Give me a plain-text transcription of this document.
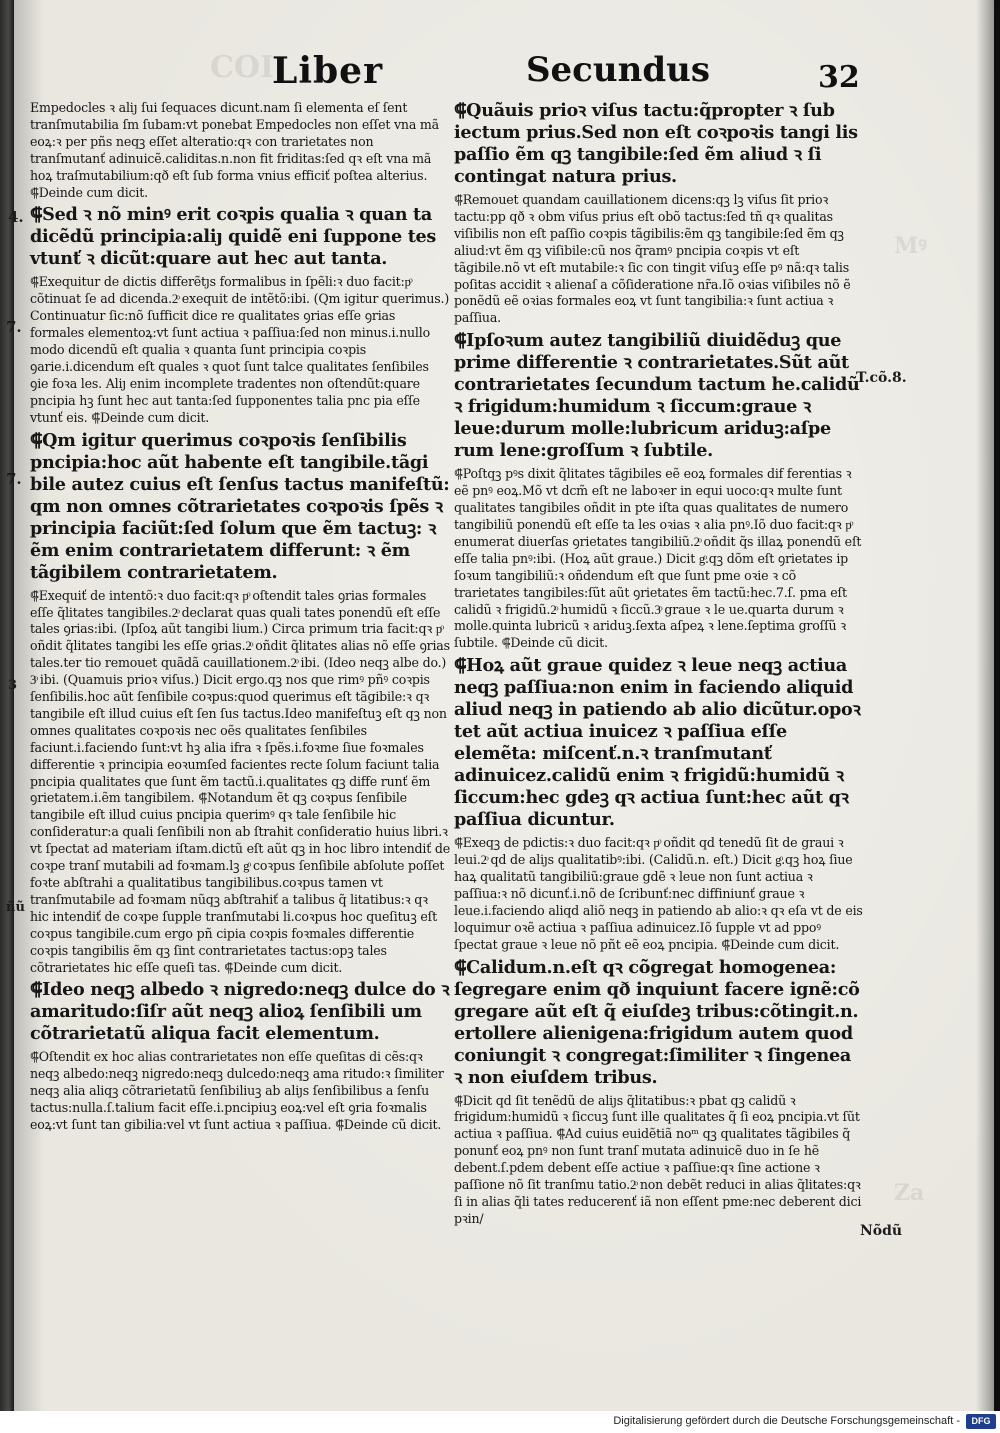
COI
Mꝰ
Za
Liber	Secundus	32

Empedocles ꝛ aliȷ ſui ſequaces dicunt.nam ſi elementa eſ ſent tranſmutabilia ſm ſubam:vt ponebat Empedocles non eſſet vna mã eoꝝ:ꝛ per pñs neqꝫ eſſet alteratio:qꝛ con trarietates non tranſmutanť adinuicẽ.caliditas.n.non fit friditas:ſed qꝛ eſt vna mã hoꝝ traſmutabilium:qð eſt ſub forma vnius efficiť poſtea alterius. ⸿Deinde cum dicit.

⸿Sed ꝛ nõ minꝰ erit coꝛpis qualia ꝛ quan ta dicẽdũ principia:aliȷ quidẽ eni ſuppone tes vtunť ꝛ dicũt:quare aut hec aut tanta.

⸿Exequitur de dictis differẽtȷs formalibus in ſpẽli:ꝛ duo facit:pͦ cõtinuat ſe ad dicenda.2ͦ exequit de intẽtõ:ibi. (Qm igitur querimus.) Continuatur ſic:nõ ſufficit dice re qualitates ꝯrias eſſe ꝯrias formales elementoꝝ:vt ſunt actiua ꝛ paſſiua:ſed non minus.i.nullo modo dicendũ eſt qualia ꝛ quanta ſunt principia coꝛpis ꝯarie.i.dicendum eſt quales ꝛ quot ſunt talce qualitates ſenſibiles ꝯie foꝛa les. Aliȷ enim incomplete tradentes non oſtendũt:quare pncipia hꝫ ſunt hec aut tanta:ſed ſupponentes talia pnc pia eſſe vtunť eis. ⸿Deinde cum dicit.

⸿Qm igitur querimus coꝛpoꝛis ſenſibilis pncipia:hoc aũt habente eſt tangibile.tãgi bile autez cuius eſt ſenſus tactus manifeſtũ: qm non omnes cõtrarietates coꝛpoꝛis ſpẽs ꝛ principia faciũt:ſed ſolum que ẽm tactuꝫ: ꝛ ẽm enim contrarietatem differunt: ꝛ ẽm tãgibilem contrarietatem.

⸿Exequiť de intentõ:ꝛ duo facit:qꝛ pͦ oſtendit tales ꝯrias formales eſſe q̃litates tangibiles.2ͦ declarat quas quali tates ponendũ eſt eſſe tales ꝯrias:ibi. (Ipſoꝝ aũt tangibi lium.) Circa primum tria facit:qꝛ pͦ oñdit q̃litates tangibi les eſſe ꝯrias.2ͦ oñdit q̃litates alias nõ eſſe ꝯrias tales.ter tio remouet quãdã cauillationem.2ͦ ibi. (Ideo neqꝫ albe do.) 3ͦ ibi. (Quamuis prioꝛ viſus.) Dicit ergo.qꝫ nos que rimꝰ pñꝰ coꝛpis ſenſibilis.hoc aũt ſenſibile coꝛpus:quod querimus eſt tãgibile:ꝛ qꝛ tangibile eſt illud cuius eſt ſen ſus tactus.Ideo manifeſtuꝫ eſt qꝫ non omnes qualitates coꝛpoꝛis nec oẽs qualitates ſenſibiles faciunt.i.faciendo ſunt:vt hꝫ alia ifra ꝛ ſpẽs.i.foꝛme ſiue foꝛmales differentie ꝛ principia eoꝛumſed facientes recte ſolum faciunt talia pncipia qualitates que ſunt ẽm tactũ.i.qualitates qꝫ diffe runť ẽm ꝯrietatem.i.ẽm tangibilem. ⸿Notandum ẽt qꝫ coꝛpus ſenſibile tangibile eſt illud cuius pncipia querimꝰ qꝛ tale ſenſibile hic conſideratur:a quali ſenſibili non ab ſtrahit conſideratio huius libri.ꝛ vt ſpectat ad materiam iſtam.dictũ eſt aũt qꝫ in hoc libro intendiť de coꝛpe tranſ mutabili ad foꝛmam.lꝫ gͦ coꝛpus ſenſibile abſolute poſſet foꝛte abſtrahi a qualitatibus tangibilibus.coꝛpus tamen vt tranſmutabile ad foꝛmam nũqꝫ abſtrahiť a talibus q̃ litatibus:ꝛ qꝛ hic intendiť de coꝛpe ſupple tranſmutabi li.coꝛpus hoc queſituꝫ eſt coꝛpus tangibile.cum ergo pñ cipia coꝛpis foꝛmales differentie coꝛpis tangibilis ẽm qꝫ ſint contrarietates tactus:opꝫ tales cõtrarietates hic eſſe queſi tas. ⸿Deinde cum dicit.

⸿Ideo neqꝫ albedo ꝛ nigredo:neqꝫ dulce do ꝛ amaritudo:ſiſr aũt neqꝫ alioꝝ ſenſibili um cõtrarietatũ aliqua facit elementum.

⸿Oſtendit ex hoc alias contrarietates non eſſe queſitas di cẽs:qꝛ neqꝫ albedo:neqꝫ nigredo:neqꝫ dulcedo:neqꝫ ama ritudo:ꝛ ſimiliter neqꝫ alia aliqꝫ cõtrarietatũ ſenſibiliuꝫ ab aliȷs ſenſibilibus a ſenſu tactus:nulla.ſ.talium facit eſſe.i.pncipiuꝫ eoꝝ:vel eſt ꝯria foꝛmalis eoꝝ:vt ſunt tan gibilia:vel vt ſunt actiua ꝛ paſſiua. ⸿Deinde cũ dicit.

⸿Quãuis prioꝛ viſus tactu:q̃propter ꝛ ſub iectum prius.Sed non eſt coꝛpoꝛis tangi lis paſſio ẽm qꝫ tangibile:ſed ẽm aliud ꝛ ſi contingat natura prius.

⸿Remouet quandam cauillationem dicens:qꝫ lꝫ viſus ſit prioꝛ tactu:pp qð ꝛ obm viſus prius eſt obõ tactus:ſed tñ qꝛ qualitas viſibilis non eſt paſſio coꝛpis tãgibilis:ẽm qꝫ tangibile:ſed ẽm qꝫ aliud:vt ẽm qꝫ viſibile:cũ nos q̃ramꝰ pncipia coꝛpis vt eſt tãgibile.nõ vt eſt mutabile:ꝛ ſic con tingit viſuꝫ eſſe pꝰ nã:qꝛ talis poſitas accidit ꝛ alienaſ a cõſideratione nr̃a.Iõ oꝛias viſibiles nõ ẽ ponẽdũ eẽ oꝛias formales eoꝝ vt ſunt tangibilia:ꝛ ſunt actiua ꝛ paſſiua.

⸿Ipſoꝛum autez tangibiliũ diuidẽduꝫ que prime differentie ꝛ contrarietates.Sũt aũt contrarietates ſecundum tactum he.calidũ ꝛ frigidum:humidum ꝛ ſiccum:graue ꝛ leue:durum molle:lubricum ariduꝫ:aſpe rum lene:groſſum ꝛ ſubtile.

⸿Poſtqꝫ pꝰs dixit q̃litates tãgibiles eẽ eoꝝ formales dif ferentias ꝛ eẽ pnꝰ eoꝝ.Mõ vt dcm̃ eſt ne laboꝛer in equi uoco:qꝛ multe ſunt qualitates tangibiles oñdit in pte iſta quas qualitates de numero tangibiliũ ponendũ eſt eſſe ta les oꝛias ꝛ alia pnꝰ.Iõ duo facit:qꝛ pͦ enumerat diuerſas ꝯrietates tangibiliũ.2ͦ oñdit q̃s illaꝝ ponendũ eſt eſſe talia pnꝰ:ibi. (Hoꝝ aũt graue.) Dicit gͦ.qꝫ dõm eſt ꝯrietates ip ſoꝛum tangibiliũ:ꝛ oñdendum eſt que ſunt pme oꝛie ꝛ cõ trarietates tangibiles:ſũt aũt ꝯrietates ẽm tactũ:hec.7.ſ. pma eſt calidũ ꝛ frigidũ.2ͦ humidũ ꝛ ſiccũ.3ͦ graue ꝛ le ue.quarta durum ꝛ molle.quinta lubricũ ꝛ ariduꝫ.ſexta aſpeꝝ ꝛ lene.ſeptima groſſũ ꝛ ſubtile. ⸿Deinde cũ dicit.

⸿Hoꝝ aũt graue quidez ꝛ leue neqꝫ actiua neqꝫ paſſiua:non enim in faciendo aliquid aliud neqꝫ in patiendo ab alio dicũtur.opoꝛ tet aũt actiua inuicez ꝛ paſſiua eſſe elemẽta: miſcenť.n.ꝛ tranſmutanť adinuicez.calidũ enim ꝛ frigidũ:humidũ ꝛ ſiccum:hec gdeꝫ qꝛ actiua ſunt:hec aũt qꝛ paſſiua dicuntur.

⸿Exeqꝫ de pdictis:ꝛ duo facit:qꝛ pͦ oñdit qd tenedũ ſit de graui ꝛ leui.2ͦ qd de aliȷs qualitatibꝰ:ibi. (Calidũ.n. eſt.) Dicit gͦ.qꝫ hoꝝ ſiue haꝝ qualitatũ tangibiliũ:graue gdẽ ꝛ leue non ſunt actiua ꝛ paſſiua:ꝛ nõ dicunť.i.nõ de ſcribunť:nec diffiniunť graue ꝛ leue.i.faciendo aliqd aliõ neqꝫ in patiendo ab alio:ꝛ qꝛ eſa vt de eis loquimur oꝛẽ actiua ꝛ paſſiua adinuicez.Iõ ſupple vt ad ppoꝰ ſpectat graue ꝛ leue nõ pñt eẽ eoꝝ pncipia. ⸿Deinde cum dicit.

⸿Calidum.n.eſt qꝛ cõgregat homogenea: ſegregare enim qð inquiunt facere ignẽ:cõ gregare aũt eſt q̃ eiuſdeꝫ tribus:cõtingit.n. ertollere alienigena:frigidum autem quod coniungit ꝛ congregat:ſimiliter ꝛ ſingenea ꝛ non eiuſdem tribus.

⸿Dicit qd ſit tenẽdũ de aliȷs q̃litatibus:ꝛ pbat qꝫ calidũ ꝛ frigidum:humidũ ꝛ ſiccuꝫ ſunt ille qualitates q̃ ſi eoꝝ pncipia.vt ſũt actiua ꝛ paſſiua. ⸿Ad cuius euidẽtiã noᵐ qꝫ qualitates tãgibiles q̃ ponunť eoꝝ pnꝰ non ſunt tranſ mutata adinuicẽ duo in ſe hẽ debent.ſ.pdem debent eſſe actiue ꝛ paſſiue:qꝛ ſine actione ꝛ paſſione nõ ſit tranſmu tatio.2ͦ non debẽt reduci in alias q̃litates:qꝛ ſi in alias q̃li tates reducerenť iã non eſſent pme:nec deberent dici pꝛin/

4.
7.
7.
3
ñũ
T.cõ.8.
Nõdũ
Digitalisierung gefördert durch die Deutsche Forschungsgemeinschaft -	DFG
